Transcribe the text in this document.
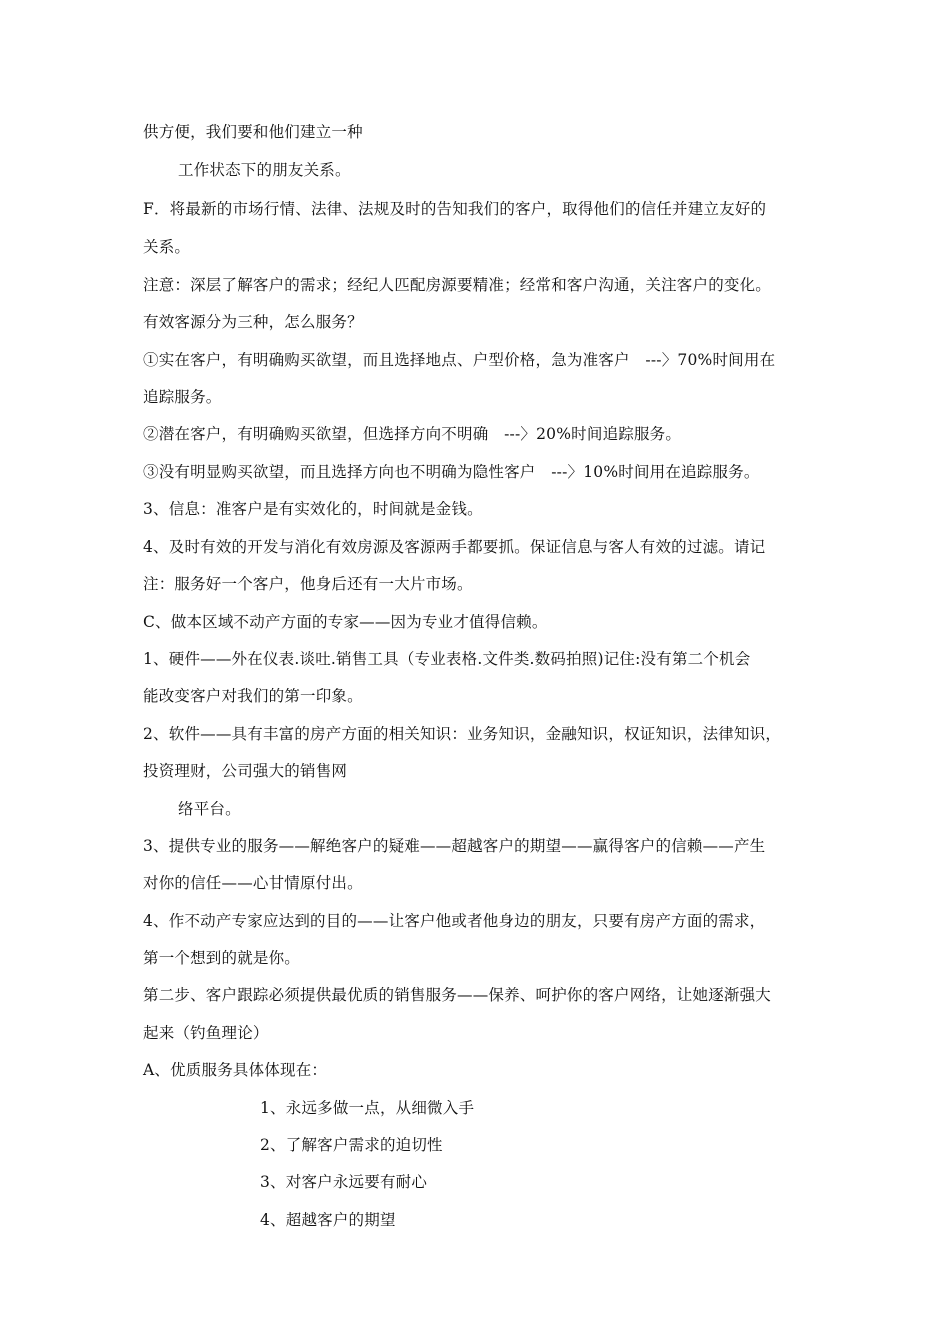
供方便，我们要和他们建立一种
工作状态下的朋友关系。
F．将最新的市场行情、法律、法规及时的告知我们的客户，取得他们的信任并建立友好的
关系。
注意：深层了解客户的需求；经纪人匹配房源要精准；经常和客户沟通，关注客户的变化。
有效客源分为三种，怎么服务？
①实在客户，有明确购买欲望，而且选择地点、户型价格，急为准客户　---〉70%时间用在
追踪服务。
②潜在客户，有明确购买欲望，但选择方向不明确　---〉20%时间追踪服务。
③没有明显购买欲望，而且选择方向也不明确为隐性客户　---〉10%时间用在追踪服务。
3、信息：准客户是有实效化的，时间就是金钱。
4、及时有效的开发与消化有效房源及客源两手都要抓。保证信息与客人有效的过滤。请记
注：服务好一个客户，他身后还有一大片市场。
C、做本区域不动产方面的专家——因为专业才值得信赖。
1、硬件——外在仪表.谈吐.销售工具（专业表格.文件类.数码拍照)记住:没有第二个机会
能改变客户对我们的第一印象。
2、软件——具有丰富的房产方面的相关知识：业务知识，金融知识，权证知识，法律知识，
投资理财，公司强大的销售网
络平台。
3、提供专业的服务——解绝客户的疑难——超越客户的期望——赢得客户的信赖——产生
对你的信任——心甘情原付出。
4、作不动产专家应达到的目的——让客户他或者他身边的朋友，只要有房产方面的需求，
第一个想到的就是你。
第二步、客户跟踪必须提供最优质的销售服务——保养、呵护你的客户网络，让她逐渐强大
起来（钓鱼理论）
A、优质服务具体体现在：
1、永远多做一点，从细微入手
2、了解客户需求的迫切性
3、对客户永远要有耐心
4、超越客户的期望
